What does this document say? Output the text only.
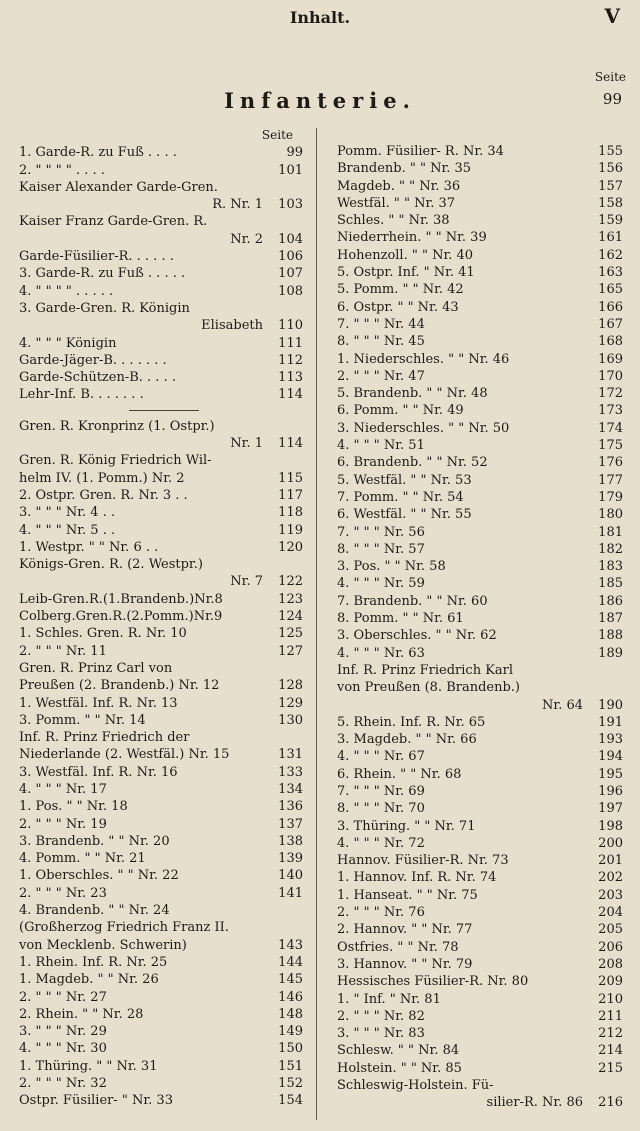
Inhalt.	V
Seite
Infanterie.	99
Seite
1. Garde-R. zu Fuß . . . .	99
2. " " " " . . . .	101
Kaiser Alexander Garde-Gren.
R. Nr. 1	103
Kaiser Franz Garde-Gren. R.
Nr. 2	104
Garde-Füsilier-R. . . . . .	106
3. Garde-R. zu Fuß . . . . .	107
4. " " " " . . . . .	108
3. Garde-Gren. R. Königin
Elisabeth	110
4. " " " Königin	111
Garde-Jäger-B. . . . . . .	112
Garde-Schützen-B. . . . .	113
Lehr-Inf. B. . . . . . .	114
Gren. R. Kronprinz (1. Ostpr.)
Nr. 1	114
Gren. R. König Friedrich Wil-
helm IV. (1. Pomm.) Nr. 2	115
2. Ostpr. Gren. R. Nr. 3 . .	117
3. " " " Nr. 4 . .	118
4. " " " Nr. 5 . .	119
1. Westpr. " " Nr. 6 . .	120
Königs-Gren. R. (2. Westpr.)
Nr. 7	122
Leib-Gren.R.(1.Brandenb.)Nr.8	123
Colberg.Gren.R.(2.Pomm.)Nr.9	124
1. Schles. Gren. R. Nr. 10	125
2. " " " Nr. 11	127
Gren. R. Prinz Carl von
Preußen (2. Brandenb.) Nr. 12	128
1. Westfäl. Inf. R. Nr. 13	129
3. Pomm. " " Nr. 14	130
Inf. R. Prinz Friedrich der
Niederlande (2. Westfäl.) Nr. 15	131
3. Westfäl. Inf. R. Nr. 16	133
4. " " " Nr. 17	134
1. Pos. " " Nr. 18	136
2. " " " Nr. 19	137
3. Brandenb. " " Nr. 20	138
4. Pomm. " " Nr. 21	139
1. Oberschles. " " Nr. 22	140
2. " " " Nr. 23	141
4. Brandenb. " " Nr. 24
(Großherzog Friedrich Franz II.
von Mecklenb. Schwerin)	143
1. Rhein. Inf. R. Nr. 25	144
1. Magdeb. " " Nr. 26	145
2. " " " Nr. 27	146
2. Rhein. " " Nr. 28	148
3. " " " Nr. 29	149
4. " " " Nr. 30	150
1. Thüring. " " Nr. 31	151
2. " " " Nr. 32	152
Ostpr. Füsilier- " Nr. 33	154
Pomm. Füsilier- R. Nr. 34	155
Brandenb. " " Nr. 35	156
Magdeb. " " Nr. 36	157
Westfäl. " " Nr. 37	158
Schles. " " Nr. 38	159
Niederrhein. " " Nr. 39	161
Hohenzoll. " " Nr. 40	162
5. Ostpr. Inf. " Nr. 41	163
5. Pomm. " " Nr. 42	165
6. Ostpr. " " Nr. 43	166
7. " " " Nr. 44	167
8. " " " Nr. 45	168
1. Niederschles. " " Nr. 46	169
2. " " " Nr. 47	170
5. Brandenb. " " Nr. 48	172
6. Pomm. " " Nr. 49	173
3. Niederschles. " " Nr. 50	174
4. " " " Nr. 51	175
6. Brandenb. " " Nr. 52	176
5. Westfäl. " " Nr. 53	177
7. Pomm. " " Nr. 54	179
6. Westfäl. " " Nr. 55	180
7. " " " Nr. 56	181
8. " " " Nr. 57	182
3. Pos. " " Nr. 58	183
4. " " " Nr. 59	185
7. Brandenb. " " Nr. 60	186
8. Pomm. " " Nr. 61	187
3. Oberschles. " " Nr. 62	188
4. " " " Nr. 63	189
Inf. R. Prinz Friedrich Karl
von Preußen (8. Brandenb.)
Nr. 64	190
5. Rhein. Inf. R. Nr. 65	191
3. Magdeb. " " Nr. 66	193
4. " " " Nr. 67	194
6. Rhein. " " Nr. 68	195
7. " " " Nr. 69	196
8. " " " Nr. 70	197
3. Thüring. " " Nr. 71	198
4. " " " Nr. 72	200
Hannov. Füsilier-R. Nr. 73	201
1. Hannov. Inf. R. Nr. 74	202
1. Hanseat. " " Nr. 75	203
2. " " " Nr. 76	204
2. Hannov. " " Nr. 77	205
Ostfries. " " Nr. 78	206
3. Hannov. " " Nr. 79	208
Hessisches Füsilier-R. Nr. 80	209
1. " Inf. " Nr. 81	210
2. " " " Nr. 82	211
3. " " " Nr. 83	212
Schlesw. " " Nr. 84	214
Holstein. " " Nr. 85	215
Schleswig-Holstein. Fü-
silier-R. Nr. 86	216
